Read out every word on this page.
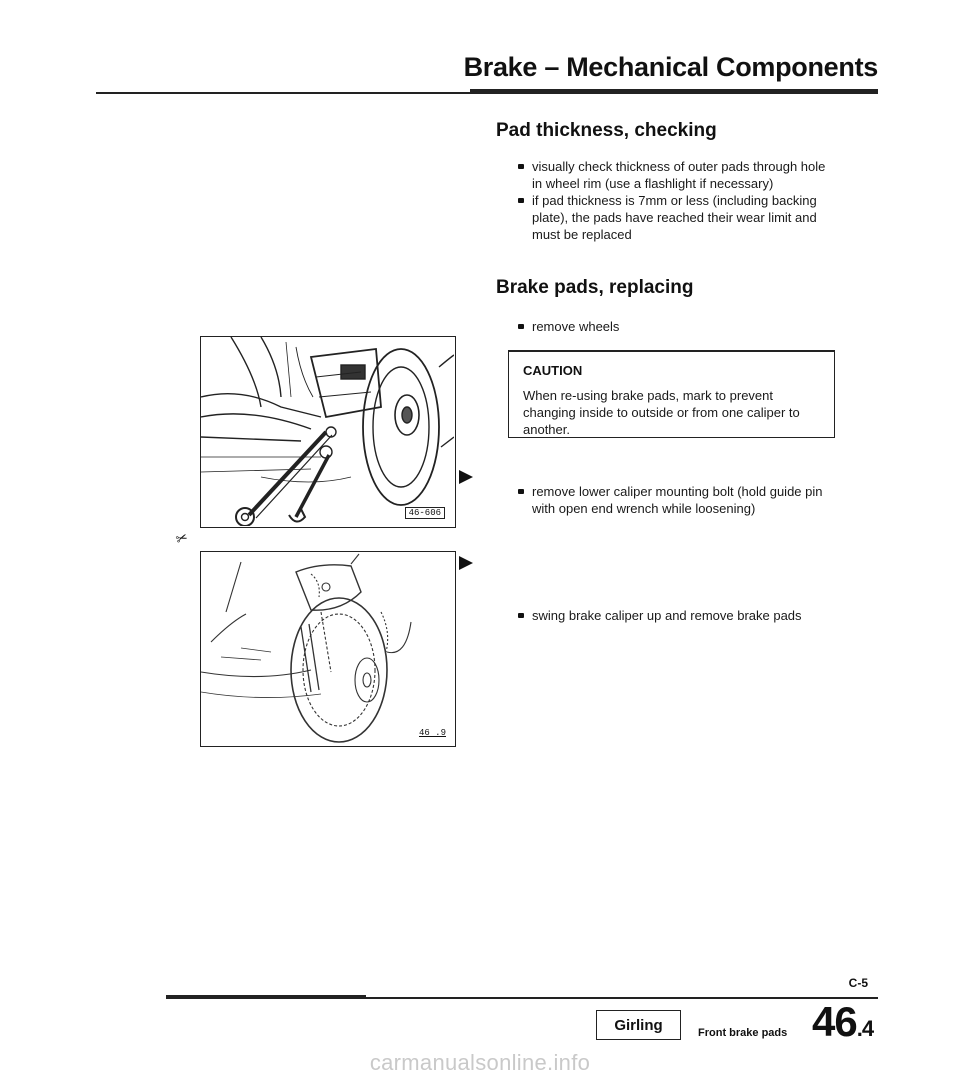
Brake – Mechanical Components
Pad thickness, checking

visually check thickness of outer pads through hole in wheel rim (use a flashlight if necessary)

if pad thickness is 7mm or less (including backing plate), the pads have reached their wear limit and must be replaced

Brake pads, replacing

remove wheels

CAUTION
When re-using brake pads, mark to prevent changing inside to outside or from one caliper to another.

remove lower caliper mounting bolt (hold guide pin with open end wrench while loosening)

swing brake caliper up and remove brake pads

46-606
✂
46 .9
C-5
Girling	Front brake pads 46.4
carmanualsonline.info
